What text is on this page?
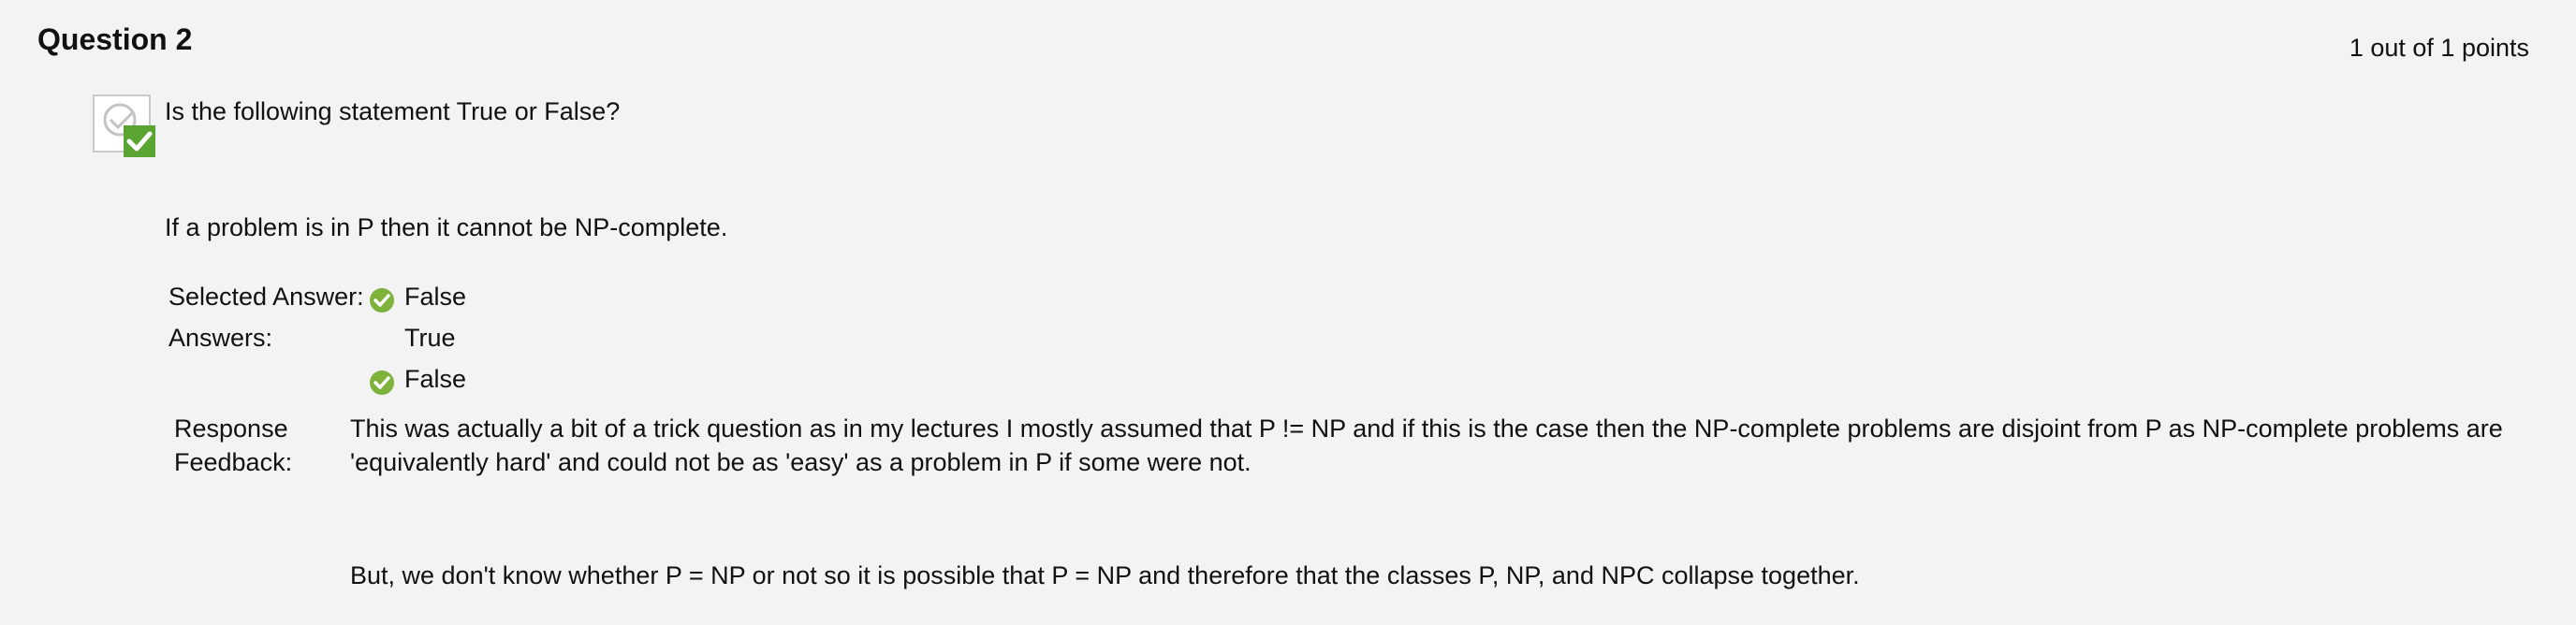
Question 2	1 out of 1 points
Is the following statement True or False?
If a problem is in P then it cannot be NP-complete.
Selected Answer: False
Answers:	True
False
Response
Feedback:
This was actually a bit of a trick question as in my lectures I mostly assumed that P != NP and if this is the case then the NP-complete problems are disjoint from P as NP-complete problems are 'equivalently hard' and could not be as 'easy' as a problem in P if some were not.
But, we don't know whether P = NP or not so it is possible that P = NP and therefore that the classes P, NP, and NPC collapse together.
